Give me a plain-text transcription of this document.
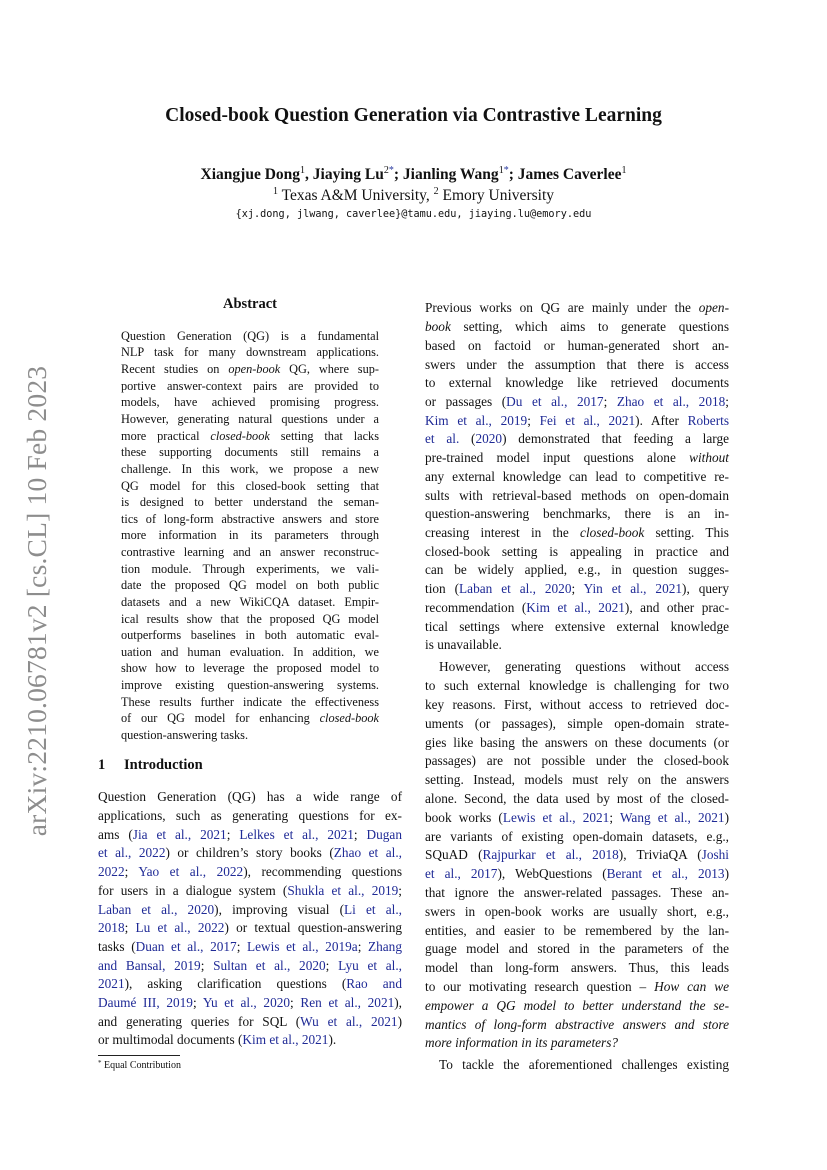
arXiv:2210.06781v2 [cs.CL] 10 Feb 2023
Closed-book Question Generation via Contrastive Learning
Xiangjue Dong$^1$, Jiaying $Lu^{2*}$; Jianling Wang$^{1*}$; James Caverlee$^1$
$^1$ Texas A&M University, $^2$ Emory University
{xj.dong, jlwang, caverlee}@tamu.edu, jiaying.lu@emory.edu
Abstract
Question Generation (QG) is a fundamental
NLP task for many downstream applications.
Recent studies on open-book QG, where sup-
portive answer-context pairs are provided to
models, have achieved promising progress.
However, generating natural questions under a
more practical closed-book setting that lacks
these supporting documents still remains a
challenge. In this work, we propose a new
QG model for this closed-book setting that
is designed to better understand the seman-
tics of long-form abstractive answers and store
more information in its parameters through
contrastive learning and an answer reconstruc-
tion module. Through experiments, we vali-
date the proposed QG model on both public
datasets and a new WikiCQA dataset. Empir-
ical results show that the proposed QG model
outperforms baselines in both automatic eval-
uation and human evaluation. In addition, we
show how to leverage the proposed model to
improve existing question-answering systems.
These results further indicate the effectiveness
of our QG model for enhancing closed-book
question-answering tasks.
1 Introduction
Question Generation (QG) has a wide range of
applications, such as generating questions for ex-
ams (Jia et al., 2021; Lelkes et al., 2021; Dugan
et al., 2022) or children’s story books (Zhao et al.,
2022; Yao et al., 2022), recommending questions
for users in a dialogue system (Shukla et al., 2019;
Laban et al., 2020), improving visual (Li et al.,
2018; Lu et al., 2022) or textual question-answering
tasks (Duan et al., 2017; Lewis et al., 2019a; Zhang
and Bansal, 2019; Sultan et al., 2020; Lyu et al.,
2021), asking clarification questions (Rao and
Daumé III, 2019; Yu et al., 2020; Ren et al., 2021),
and generating queries for SQL (Wu et al., 2021)
or multimodal documents (Kim et al., 2021).
Previous works on QG are mainly under the open-
book setting, which aims to generate questions
based on factoid or human-generated short an-
swers under the assumption that there is access
to external knowledge like retrieved documents
or passages (Du et al., 2017; Zhao et al., 2018;
Kim et al., 2019; Fei et al., 2021). After Roberts
et al. (2020) demonstrated that feeding a large
pre-trained model input questions alone without
any external knowledge can lead to competitive re-
sults with retrieval-based methods on open-domain
question-answering benchmarks, there is an in-
creasing interest in the closed-book setting. This
closed-book setting is appealing in practice and
can be widely applied, e.g., in question sugges-
tion (Laban et al., 2020; Yin et al., 2021), query
recommendation (Kim et al., 2021), and other prac-
tical settings where extensive external knowledge
is unavailable.
However, generating questions without access
to such external knowledge is challenging for two
key reasons. First, without access to retrieved doc-
uments (or passages), simple open-domain strate-
gies like basing the answers on these documents (or
passages) are not possible under the closed-book
setting. Instead, models must rely on the answers
alone. Second, the data used by most of the closed-
book works (Lewis et al., 2021; Wang et al., 2021)
are variants of existing open-domain datasets, e.g.,
SQuAD (Rajpurkar et al., 2018), TriviaQA (Joshi
et al., 2017), WebQuestions (Berant et al., 2013)
that ignore the answer-related passages. These an-
swers in open-book works are usually short, e.g.,
entities, and easier to be remembered by the lan-
guage model and stored in the parameters of the
model than long-form answers. Thus, this leads
to our motivating research question – How can we
empower a QG model to better understand the se-
mantics of long-form abstractive answers and store
more information in its parameters?
To tackle the aforementioned challenges existing
* Equal Contribution
